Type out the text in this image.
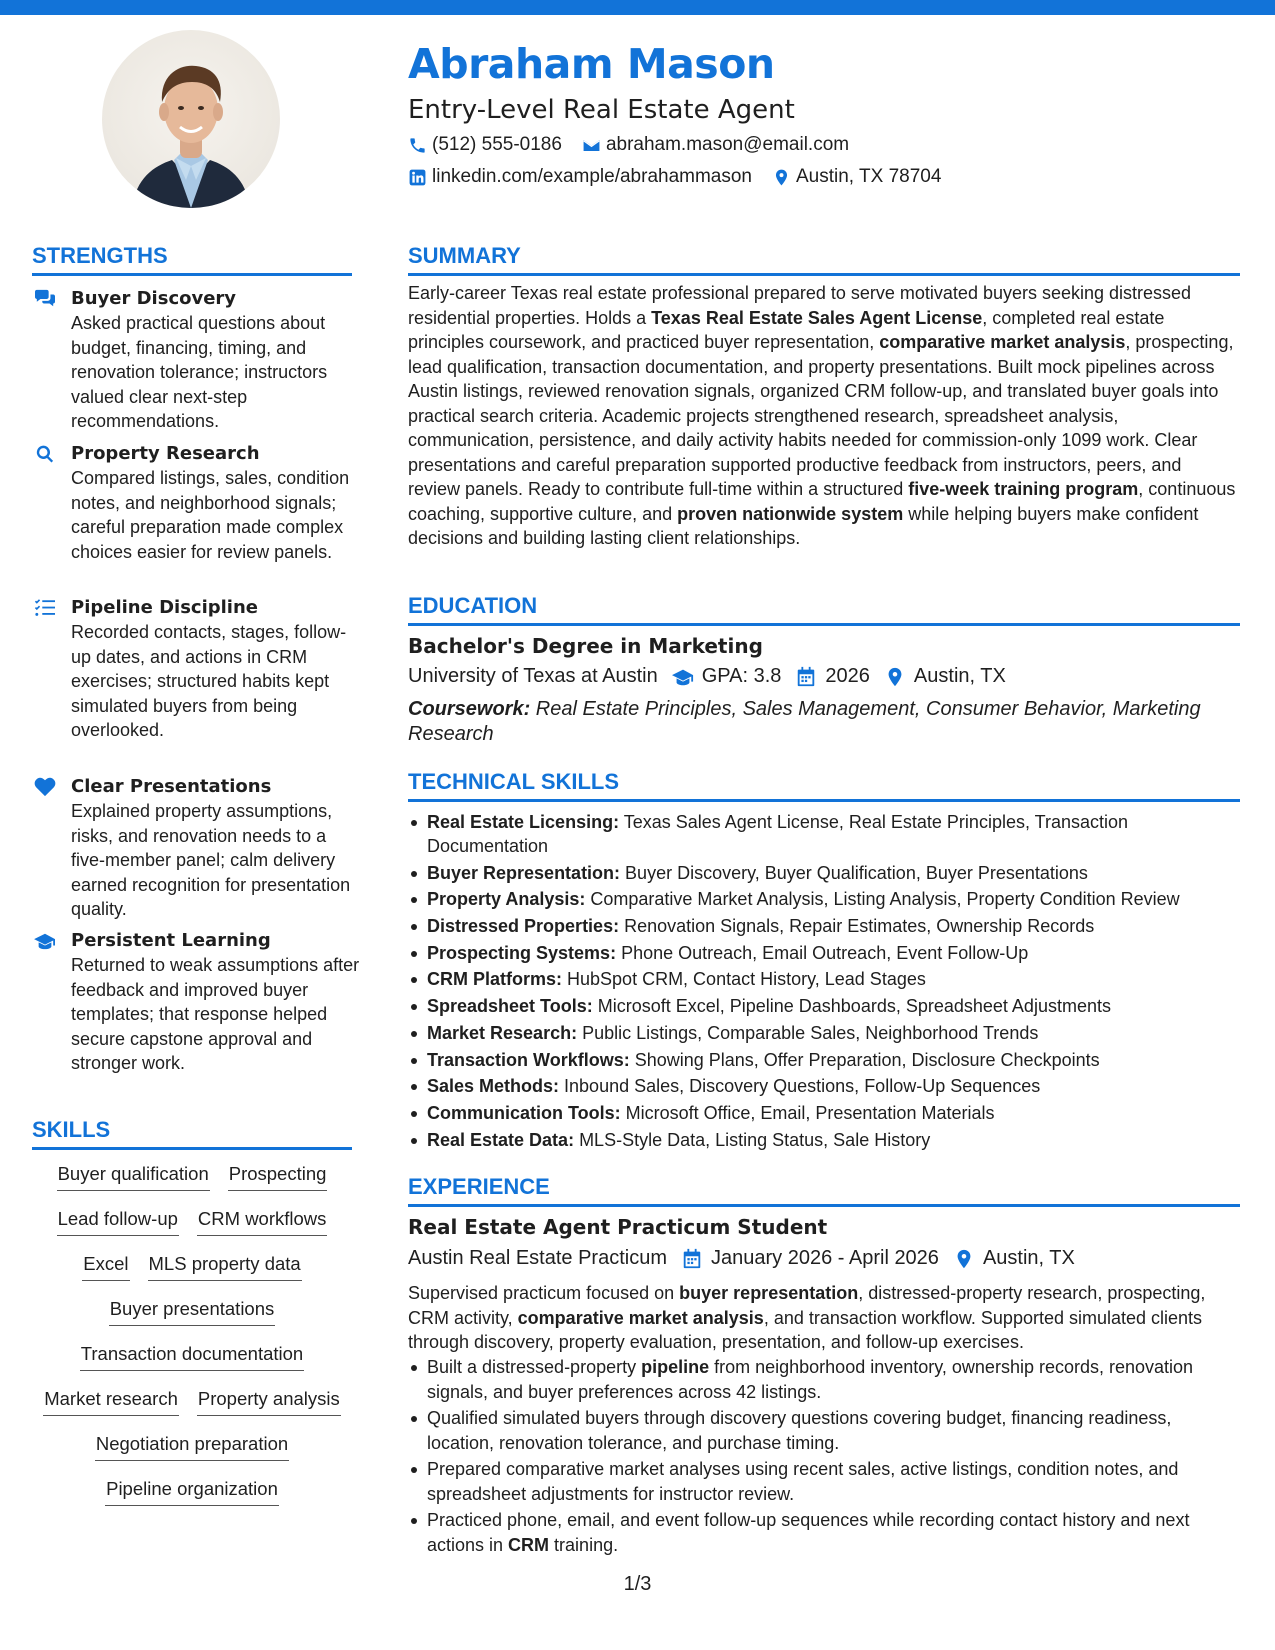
Abraham Mason
Entry-Level Real Estate Agent
(512) 555-0186 abraham.mason@email.com
linkedin.com/example/abrahammason Austin, TX 78704
STRENGTHS
Buyer Discovery
Asked practical questions about budget, financing, timing, and renovation tolerance; instructors valued clear next-step recommendations.
Property Research
Compared listings, sales, condition notes, and neighborhood signals; careful preparation made complex choices easier for review panels.
Pipeline Discipline
Recorded contacts, stages, follow-up dates, and actions in CRM exercises; structured habits kept simulated buyers from being overlooked.
Clear Presentations
Explained property assumptions, risks, and renovation needs to a five-member panel; calm delivery earned recognition for presentation quality.
Persistent Learning
Returned to weak assumptions after feedback and improved buyer templates; that response helped secure capstone approval and stronger work.
SKILLS
Buyer qualification Prospecting
Lead follow-up CRM workflows
Excel MLS property data
Buyer presentations
Transaction documentation
Market research Property analysis
Negotiation preparation
Pipeline organization
SUMMARY
Early-career Texas real estate professional prepared to serve motivated buyers seeking distressed residential properties. Holds a Texas Real Estate Sales Agent License, completed real estate principles coursework, and practiced buyer representation, comparative market analysis, prospecting, lead qualification, transaction documentation, and property presentations. Built mock pipelines across Austin listings, reviewed renovation signals, organized CRM follow-up, and translated buyer goals into practical search criteria. Academic projects strengthened research, spreadsheet analysis, communication, persistence, and daily activity habits needed for commission-only 1099 work. Clear presentations and careful preparation supported productive feedback from instructors, peers, and review panels. Ready to contribute full-time within a structured five-week training program, continuous coaching, supportive culture, and proven nationwide system while helping buyers make confident decisions and building lasting client relationships.
EDUCATION
Bachelor's Degree in Marketing
University of Texas at Austin GPA: 3.8 2026 Austin, TX
Coursework: Real Estate Principles, Sales Management, Consumer Behavior, Marketing Research
TECHNICAL SKILLS
Real Estate Licensing: Texas Sales Agent License, Real Estate Principles, Transaction Documentation
Buyer Representation: Buyer Discovery, Buyer Qualification, Buyer Presentations
Property Analysis: Comparative Market Analysis, Listing Analysis, Property Condition Review
Distressed Properties: Renovation Signals, Repair Estimates, Ownership Records
Prospecting Systems: Phone Outreach, Email Outreach, Event Follow-Up
CRM Platforms: HubSpot CRM, Contact History, Lead Stages
Spreadsheet Tools: Microsoft Excel, Pipeline Dashboards, Spreadsheet Adjustments
Market Research: Public Listings, Comparable Sales, Neighborhood Trends
Transaction Workflows: Showing Plans, Offer Preparation, Disclosure Checkpoints
Sales Methods: Inbound Sales, Discovery Questions, Follow-Up Sequences
Communication Tools: Microsoft Office, Email, Presentation Materials
Real Estate Data: MLS-Style Data, Listing Status, Sale History
EXPERIENCE
Real Estate Agent Practicum Student
Austin Real Estate Practicum January 2026 - April 2026 Austin, TX
Supervised practicum focused on buyer representation, distressed-property research, prospecting, CRM activity, comparative market analysis, and transaction workflow. Supported simulated clients through discovery, property evaluation, presentation, and follow-up exercises.
Built a distressed-property pipeline from neighborhood inventory, ownership records, renovation signals, and buyer preferences across 42 listings.
Qualified simulated buyers through discovery questions covering budget, financing readiness, location, renovation tolerance, and purchase timing.
Prepared comparative market analyses using recent sales, active listings, condition notes, and spreadsheet adjustments for instructor review.
Practiced phone, email, and event follow-up sequences while recording contact history and next actions in CRM training.
1/3
